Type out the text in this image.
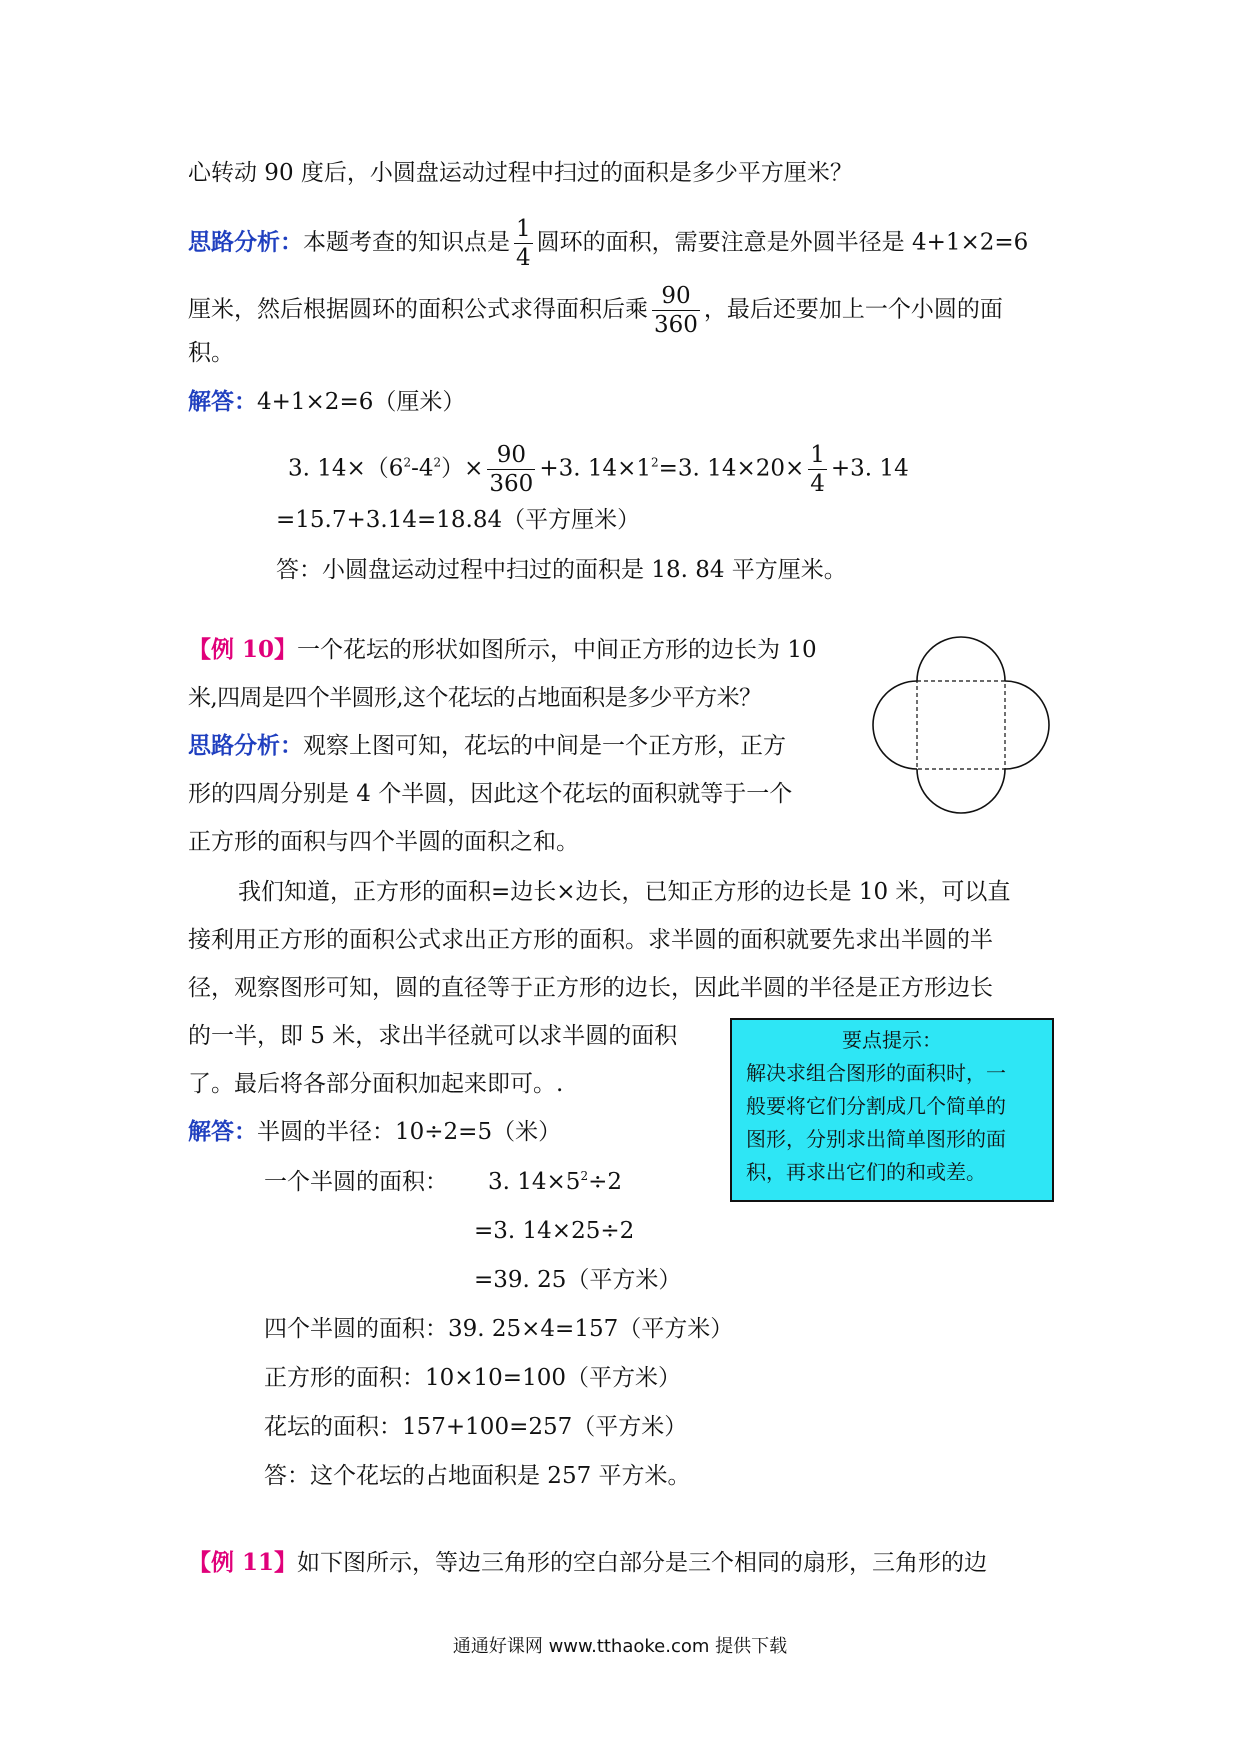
心转动 90 度后，小圆盘运动过程中扫过的面积是多少平方厘米？
思路分析：本题考查的知识点是 $\frac{1}{4}$ 圆环的面积，需要注意是外圆半径是 4+1×2=6
厘米，然后根据圆环的面积公式求得面积后乘 $\frac{90}{360}$ ，最后还要加上一个小圆的面
积。
解答：4+1×2=6（厘米）
3. $14\times(6^2-4^2)\times \frac{90}{360} +3$. $14\times 1^2=3$. $14\times 20\times \frac{1}{4} +3$. 14
=15.7+3.14=18.84（平方厘米）
答：小圆盘运动过程中扫过的面积是 18. 84 平方厘米。
【例 10】一个花坛的形状如图所示，中间正方形的边长为 10
米,四周是四个半圆形,这个花坛的占地面积是多少平方米？
思路分析：观察上图可知，花坛的中间是一个正方形，正方
形的四周分别是 4 个半圆，因此这个花坛的面积就等于一个
正方形的面积与四个半圆的面积之和。
我们知道，正方形的面积=边长×边长，已知正方形的边长是 10 米，可以直
接利用正方形的面积公式求出正方形的面积。求半圆的面积就要先求出半圆的半
径，观察图形可知，圆的直径等于正方形的边长，因此半圆的半径是正方形边长
的一半，即 5 米，求出半径就可以求半圆的面积
了。最后将各部分面积加起来即可。.
解答：半圆的半径：10÷2=5（米）
一个半圆的面积： 3. $14\times 5^2\div 2$
=3. 14×25÷2
=39. 25（平方米）
四个半圆的面积：39. 25×4=157（平方米）
正方形的面积：10×10=100（平方米）
花坛的面积：157+100=257（平方米）
答：这个花坛的占地面积是 257 平方米。
要点提示：
解决求组合图形的面积时，一
般要将它们分割成几个简单的
图形，分别求出简单图形的面
积，再求出它们的和或差。
【例 11】如下图所示，等边三角形的空白部分是三个相同的扇形，三角形的边
通通好课网 www.tthaoke.com 提供下载
